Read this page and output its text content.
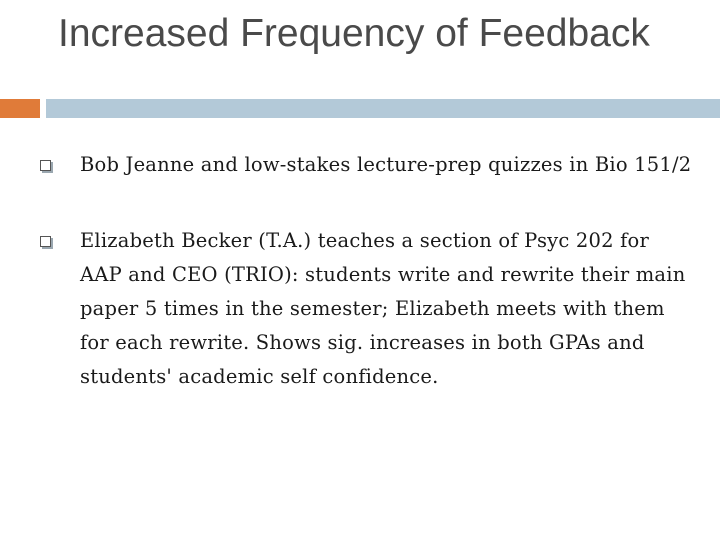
Increased Frequency of Feedback
Bob Jeanne and low-stakes lecture-prep quizzes in Bio 151/2
Elizabeth Becker (T.A.) teaches a section of Psyc 202 for AAP and CEO (TRIO): students write and rewrite their main paper 5 times in the semester; Elizabeth meets with them for each rewrite. Shows sig. increases in both GPAs and students' academic self confidence.
